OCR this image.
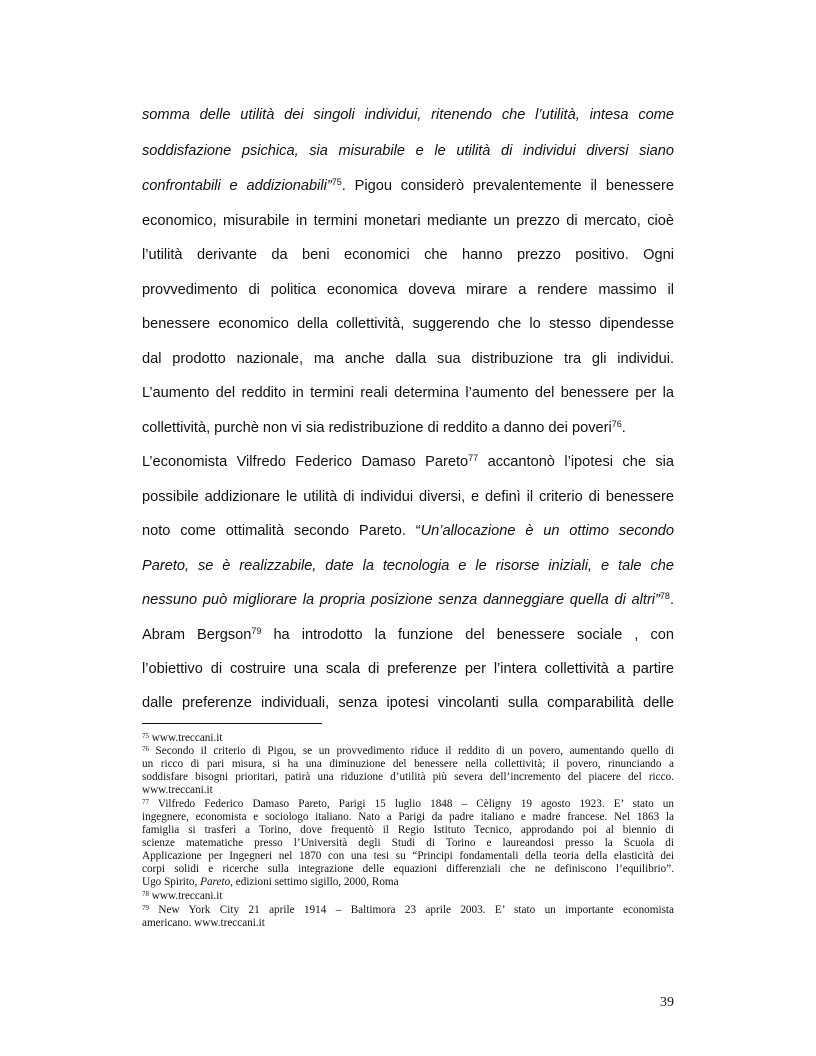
somma delle utilità dei singoli individui, ritenendo che l’utilità, intesa come
soddisfazione psichica, sia misurabile e le utilità di individui diversi siano
confrontabili e addizionabili”$^{75}$. Pigou considerò prevalentemente il benessere
economico, misurabile in termini monetari mediante un prezzo di mercato, cioè
l’utilità derivante da beni economici che hanno prezzo positivo. Ogni
provvedimento di politica economica doveva mirare a rendere massimo il
benessere economico della collettività, suggerendo che lo stesso dipendesse
dal prodotto nazionale, ma anche dalla sua distribuzione tra gli individui.
L’aumento del reddito in termini reali determina l’aumento del benessere per la
collettività, purchè non vi sia redistribuzione di reddito a danno dei poveri$^{76}$.
L’economista Vilfredo Federico Damaso Pareto$^{77}$ accantonò l’ipotesi che sia
possibile addizionare le utilità di individui diversi, e definì il criterio di benessere
noto come ottimalità secondo Pareto. “Un’allocazione è un ottimo secondo
Pareto, se è realizzabile, date la tecnologia e le risorse iniziali, e tale che
nessuno può migliorare la propria posizione senza danneggiare quella di altri”$^{78}$.
Abram Bergson$^{79}$ ha introdotto la funzione del benessere sociale , con
l’obiettivo di costruire una scala di preferenze per l’intera collettività a partire
dalle preferenze individuali, senza ipotesi vincolanti sulla comparabilità delle
$^{75}$ www.treccani.it
$^{76}$ Secondo il criterio di Pigou, se un provvedimento riduce il reddito di un povero, aumentando quello di
un ricco di pari misura, si ha una diminuzione del benessere nella collettività; il povero, rinunciando a
soddisfare bisogni prioritari, patirà una riduzione d’utilità più severa dell’incremento del piacere del ricco.
www.treccani.it
$^{77}$ Vilfredo Federico Damaso Pareto, Parigi 15 luglio 1848 – Cèligny 19 agosto 1923. E’ stato un
ingegnere, economista e sociologo italiano. Nato a Parigi da padre italiano e madre francese. Nel 1863 la
famiglia si trasferì a Torino, dove frequentò il Regio Istituto Tecnico, approdando poi al biennio di
scienze matematiche presso l’Università degli Studi di Torino e laureandosi presso la Scuola di
Applicazione per Ingegneri nel 1870 con una tesi su “Principi fondamentali della teoria della elasticità dei
corpi solidi e ricerche sulla integrazione delle equazioni differenziali che ne definiscono l’equilibrio”.
Ugo Spirito, Pareto, edizioni settimo sigillo, 2000, Roma
$^{78}$ www.treccani.it
$^{79}$ New York City 21 aprile 1914 – Baltimora 23 aprile 2003. E’ stato un importante economista
americano. www.treccani.it
39
